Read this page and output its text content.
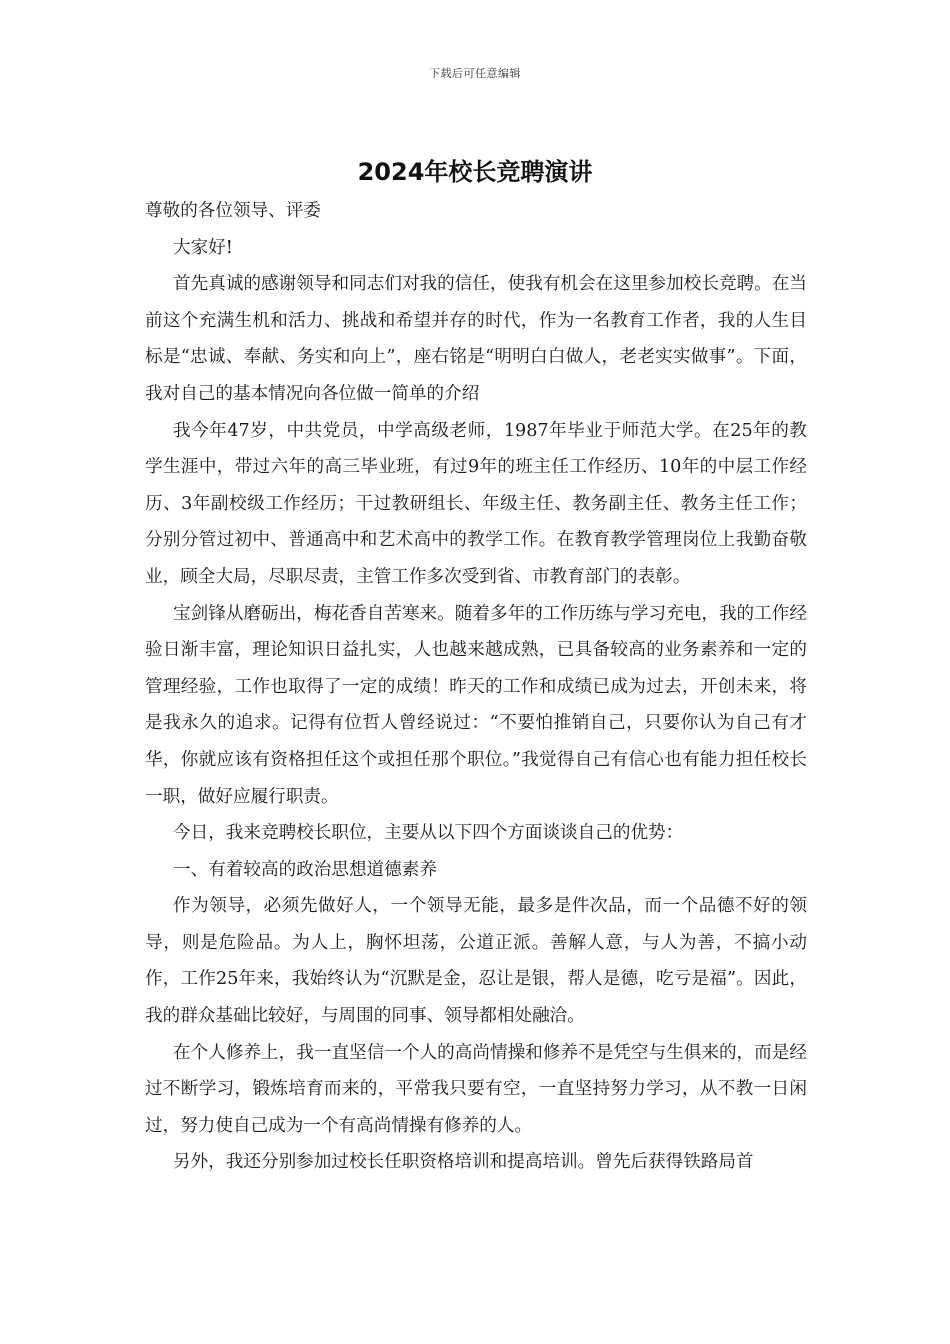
下载后可任意编辑
2024年校长竞聘演讲

尊敬的各位领导、评委

大家好!

首先真诚的感谢领导和同志们对我的信任，使我有机会在这里参加校长竞聘。在当前这个充满生机和活力、挑战和希望并存的时代，作为一名教育工作者，我的人生目标是“忠诚、奉献、务实和向上”，座右铭是“明明白白做人，老老实实做事”。下面，我对自己的基本情况向各位做一简单的介绍

我今年47岁，中共党员，中学高级老师，1987年毕业于师范大学。在25年的教学生涯中，带过六年的高三毕业班，有过9年的班主任工作经历、10年的中层工作经历、3年副校级工作经历；干过教研组长、年级主任、教务副主任、教务主任工作；分别分管过初中、普通高中和艺术高中的教学工作。在教育教学管理岗位上我勤奋敬业，顾全大局，尽职尽责，主管工作多次受到省、市教育部门的表彰。

宝剑锋从磨砺出，梅花香自苦寒来。随着多年的工作历练与学习充电，我的工作经验日渐丰富，理论知识日益扎实，人也越来越成熟，已具备较高的业务素养和一定的管理经验，工作也取得了一定的成绩！昨天的工作和成绩已成为过去，开创未来，将是我永久的追求。记得有位哲人曾经说过：“不要怕推销自己，只要你认为自己有才华，你就应该有资格担任这个或担任那个职位。”我觉得自己有信心也有能力担任校长一职，做好应履行职责。

今日，我来竞聘校长职位，主要从以下四个方面谈谈自己的优势：

一、有着较高的政治思想道德素养

作为领导，必须先做好人，一个领导无能，最多是件次品，而一个品德不好的领导，则是危险品。为人上，胸怀坦荡，公道正派。善解人意，与人为善，不搞小动作，工作25年来，我始终认为“沉默是金，忍让是银，帮人是德，吃亏是福”。因此，我的群众基础比较好，与周围的同事、领导都相处融洽。

在个人修养上，我一直坚信一个人的高尚情操和修养不是凭空与生俱来的，而是经过不断学习，锻炼培育而来的，平常我只要有空，一直坚持努力学习，从不教一日闲过，努力使自己成为一个有高尚情操有修养的人。

另外，我还分别参加过校长任职资格培训和提高培训。曾先后获得铁路局首
